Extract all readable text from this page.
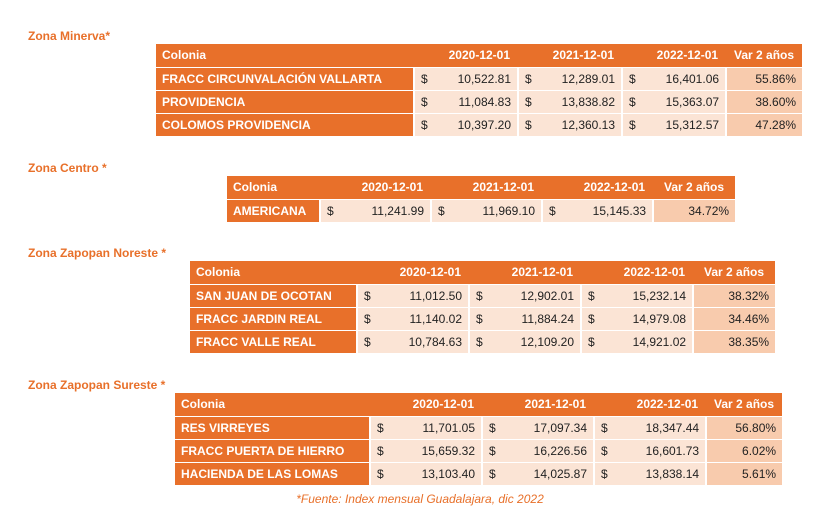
Zona Minerva*
Colonia	2020-12-01		2021-12-01		2022-12-01		Var 2 años
FRACC CIRCUNVALACIÓN VALLARTA	$	10,522.81	$	12,289.01	$	16,401.06	55.86%
PROVIDENCIA	$	11,084.83	$	13,838.82	$	15,363.07	38.60%
COLOMOS PROVIDENCIA	$	10,397.20	$	12,360.13	$	15,312.57	47.28%
Zona Centro *
Colonia	2020-12-01		2021-12-01		2022-12-01		Var 2 años
AMERICANA	$	11,241.99	$	11,969.10	$	15,145.33	34.72%
Zona Zapopan Noreste *
Colonia	2020-12-01		2021-12-01		2022-12-01		Var 2 años
SAN JUAN DE OCOTAN	$	11,012.50	$	12,902.01	$	15,232.14	38.32%
FRACC JARDIN REAL	$	11,140.02	$	11,884.24	$	14,979.08	34.46%
FRACC VALLE REAL	$	10,784.63	$	12,109.20	$	14,921.02	38.35%
Zona Zapopan Sureste *
Colonia	2020-12-01		2021-12-01		2022-12-01		Var 2 años
RES VIRREYES	$	11,701.05	$	17,097.34	$	18,347.44	56.80%
FRACC PUERTA DE HIERRO	$	15,659.32	$	16,226.56	$	16,601.73	6.02%
HACIENDA DE LAS LOMAS	$	13,103.40	$	14,025.87	$	13,838.14	5.61%
*Fuente: Index mensual Guadalajara, dic 2022
